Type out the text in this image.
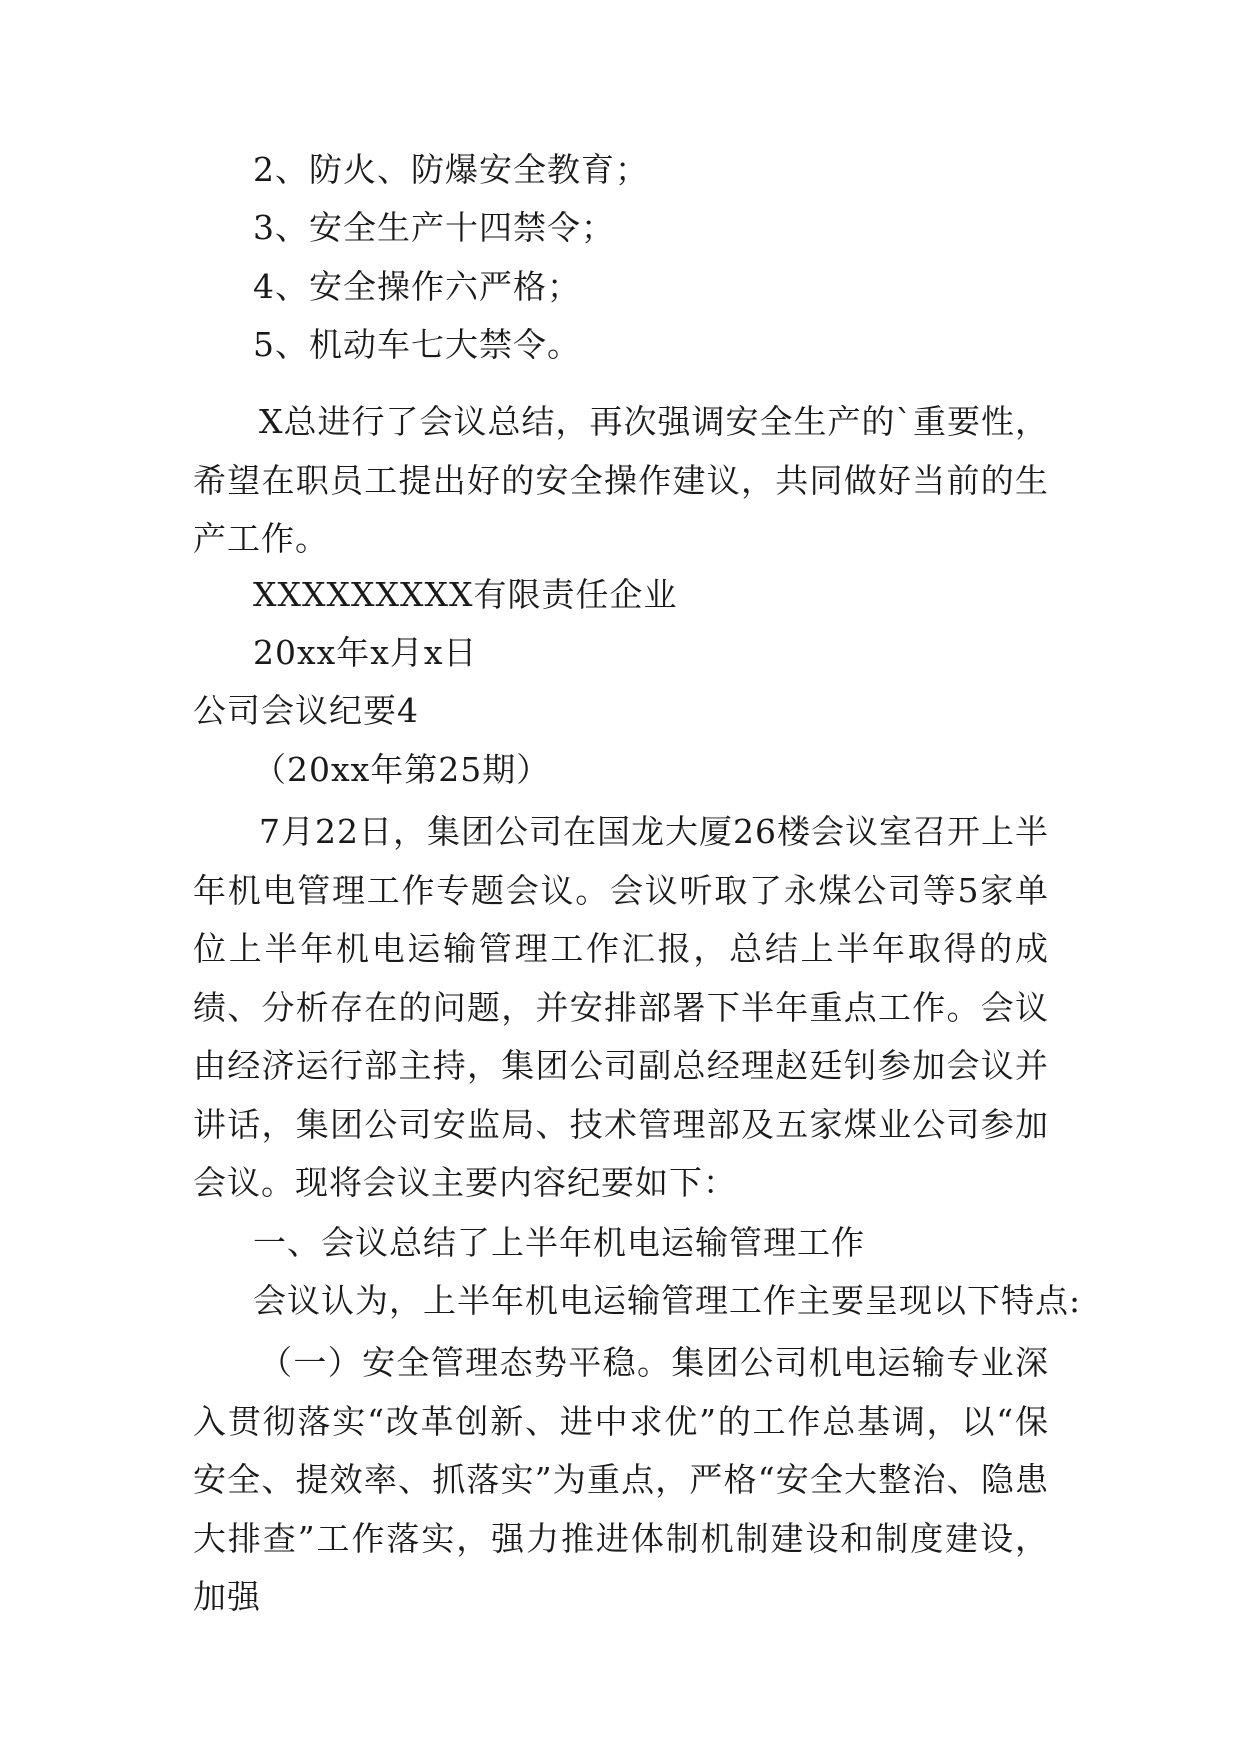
2、防火、防爆安全教育；
3、安全生产十四禁令；
4、安全操作六严格；
5、机动车七大禁令。
X总进行了会议总结，再次强调安全生产的`重要性，希望在职员工提出好的安全操作建议，共同做好当前的生产工作。
XXXXXXXXX有限责任企业
20xx年x月x日
公司会议纪要4
（20xx年第25期）
7月22日，集团公司在国龙大厦26楼会议室召开上半年机电管理工作专题会议。会议听取了永煤公司等5家单位上半年机电运输管理工作汇报，总结上半年取得的成绩、分析存在的问题，并安排部署下半年重点工作。会议由经济运行部主持，集团公司副总经理赵廷钊参加会议并讲话，集团公司安监局、技术管理部及五家煤业公司参加会议。现将会议主要内容纪要如下：
一、会议总结了上半年机电运输管理工作
会议认为，上半年机电运输管理工作主要呈现以下特点:
（一）安全管理态势平稳。集团公司机电运输专业深入贯彻落实“改革创新、进中求优”的工作总基调，以“保安全、提效率、抓落实”为重点，严格“安全大整治、隐患大排查”工作落实，强力推进体制机制建设和制度建设，加强
